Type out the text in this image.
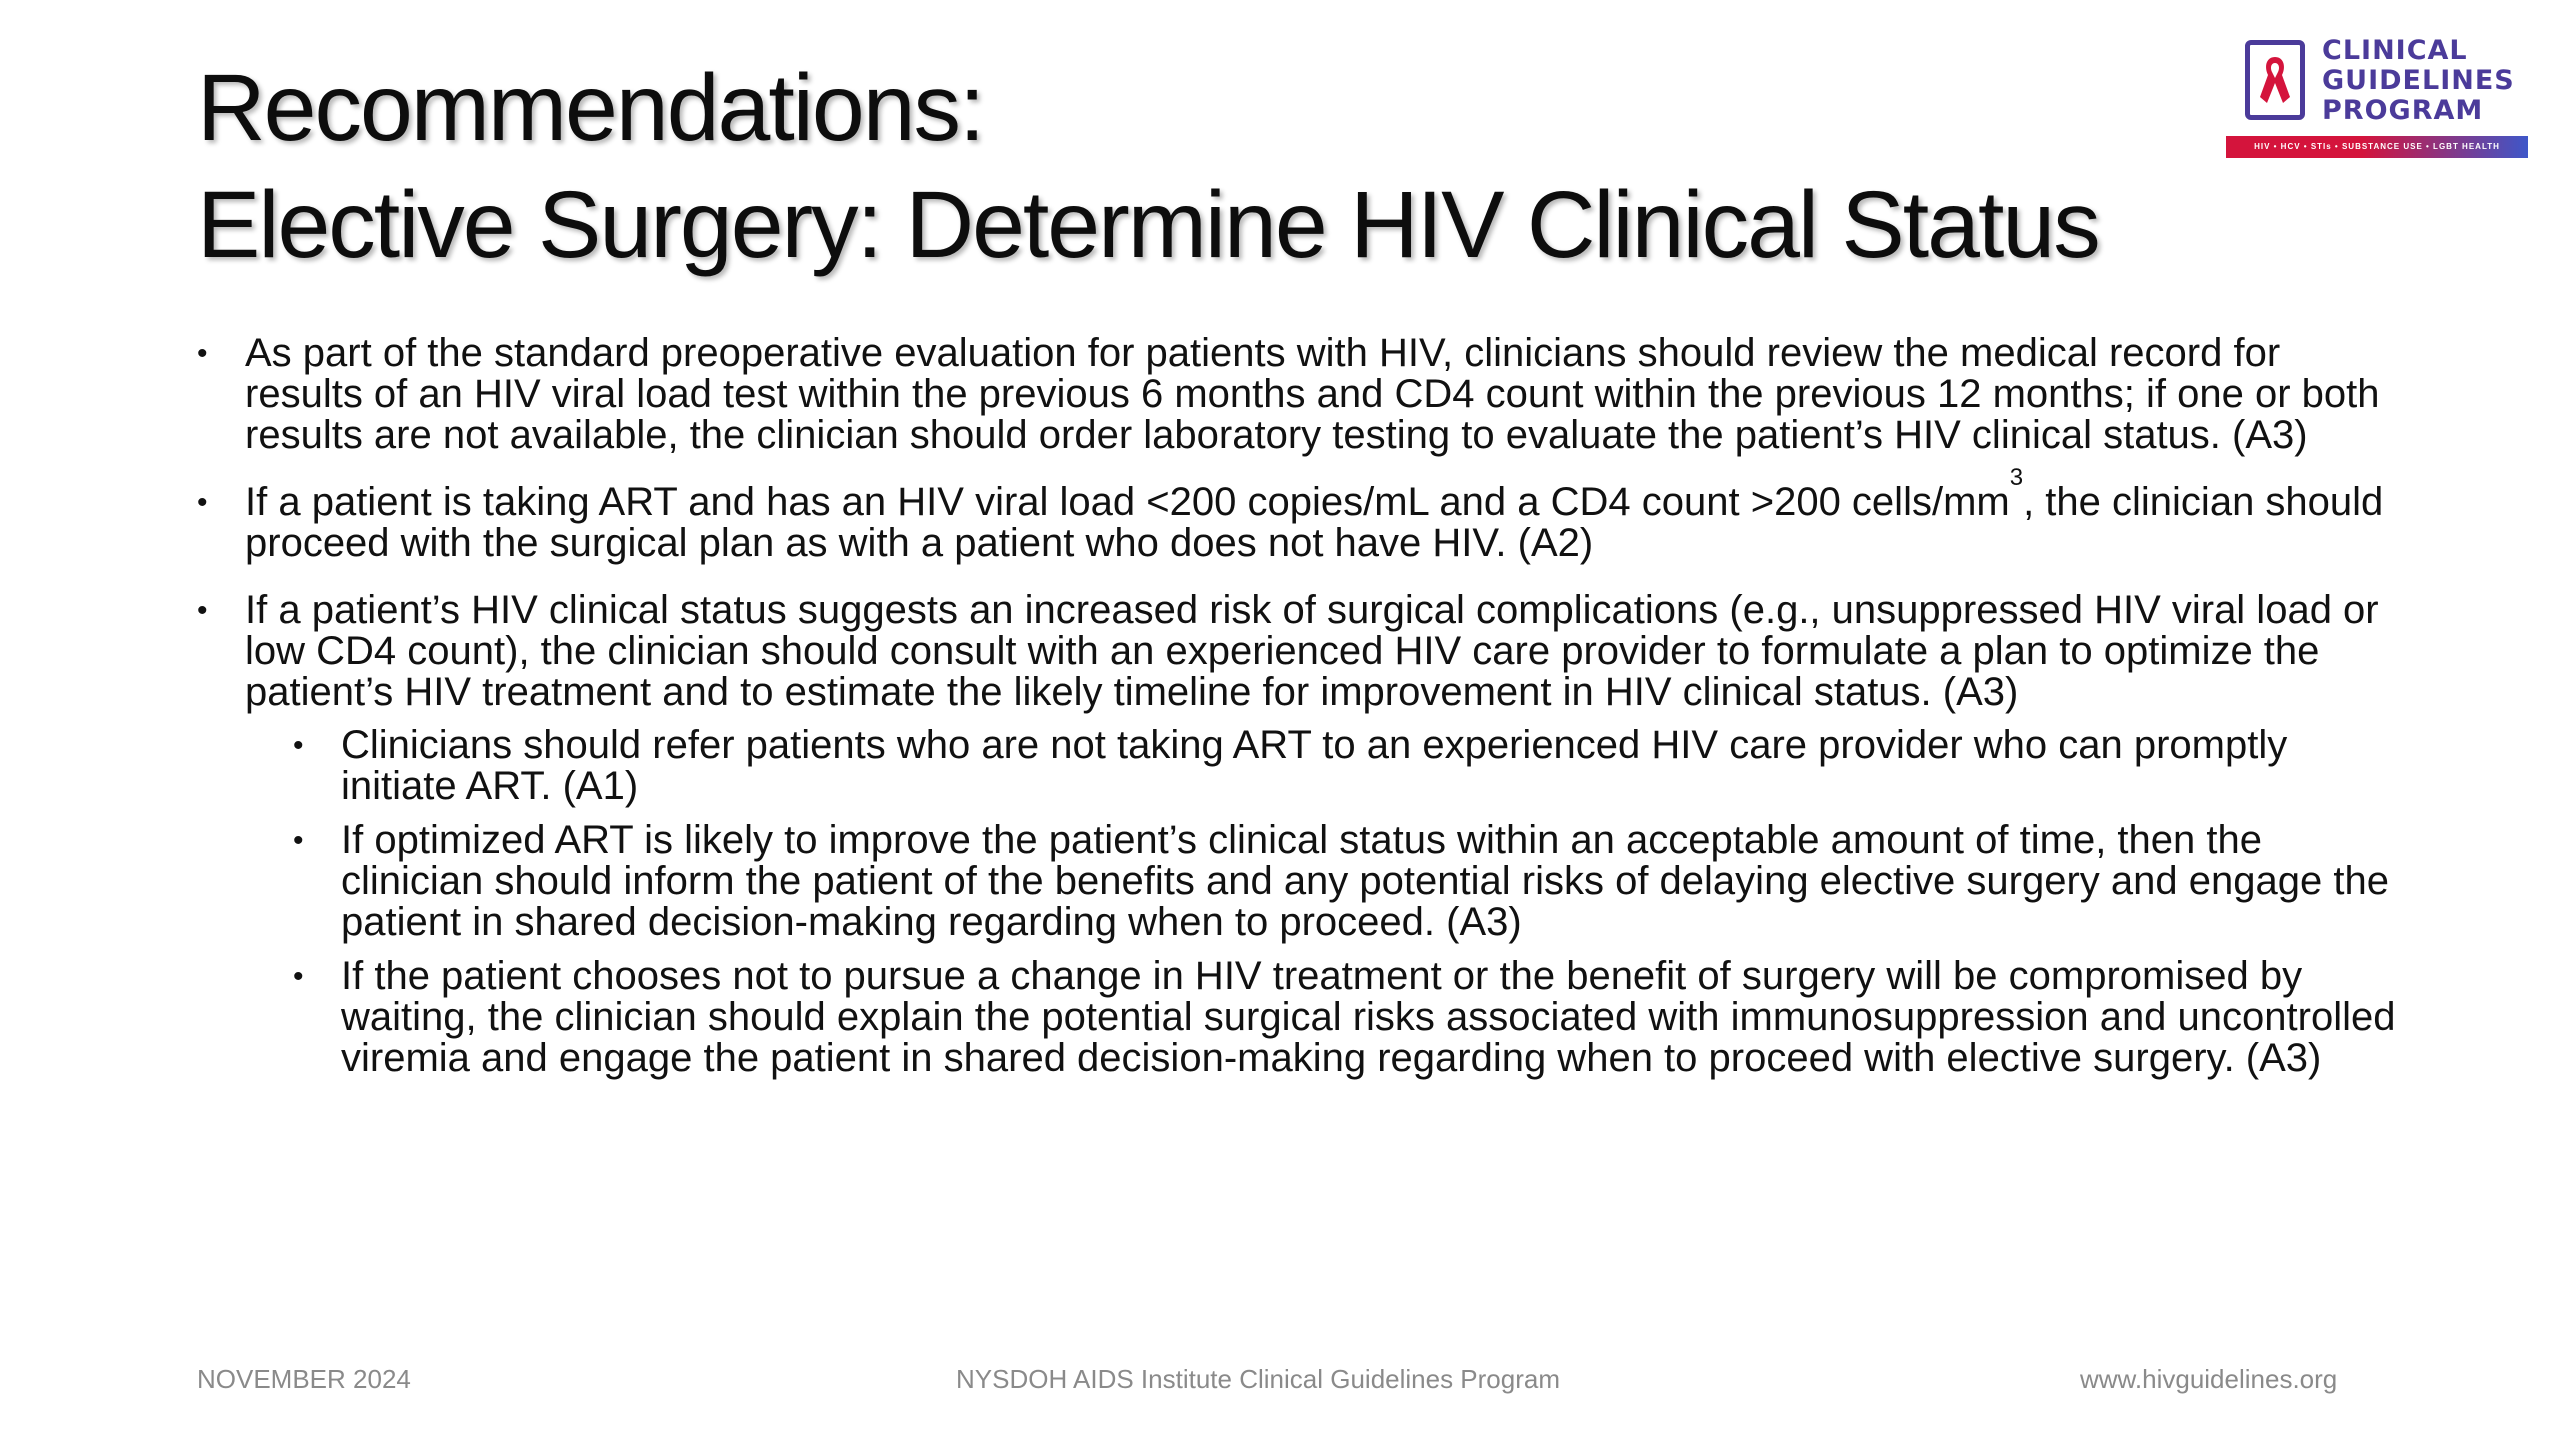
Recommendations:
Elective Surgery: Determine HIV Clinical Status
CLINICAL
GUIDELINES
PROGRAM
HIV • HCV • STIs • SUBSTANCE USE • LGBT HEALTH
• As part of the standard preoperative evaluation for patients with HIV, clinicians should review the medical record for results of an HIV viral load test within the previous 6 months and CD4 count within the previous 12 months; if one or both results are not available, the clinician should order laboratory testing to evaluate the patient’s HIV clinical status. (A3)
• If a patient is taking ART and has an HIV viral load <200 copies/mL and a CD4 count >200 cells/$mm^3$, the clinician should proceed with the surgical plan as with a patient who does not have HIV. (A2)
• If a patient’s HIV clinical status suggests an increased risk of surgical complications (e.g., unsuppressed HIV viral load or low CD4 count), the clinician should consult with an experienced HIV care provider to formulate a plan to optimize the patient’s HIV treatment and to estimate the likely timeline for improvement in HIV clinical status. (A3)
• Clinicians should refer patients who are not taking ART to an experienced HIV care provider who can promptly initiate ART. (A1)
• If optimized ART is likely to improve the patient’s clinical status within an acceptable amount of time, then the clinician should inform the patient of the benefits and any potential risks of delaying elective surgery and engage the patient in shared decision-making regarding when to proceed. (A3)
• If the patient chooses not to pursue a change in HIV treatment or the benefit of surgery will be compromised by waiting, the clinician should explain the potential surgical risks associated with immunosuppression and uncontrolled viremia and engage the patient in shared decision-making regarding when to proceed with elective surgery. (A3)
NOVEMBER 2024	NYSDOH AIDS Institute Clinical Guidelines Program	www.hivguidelines.org
